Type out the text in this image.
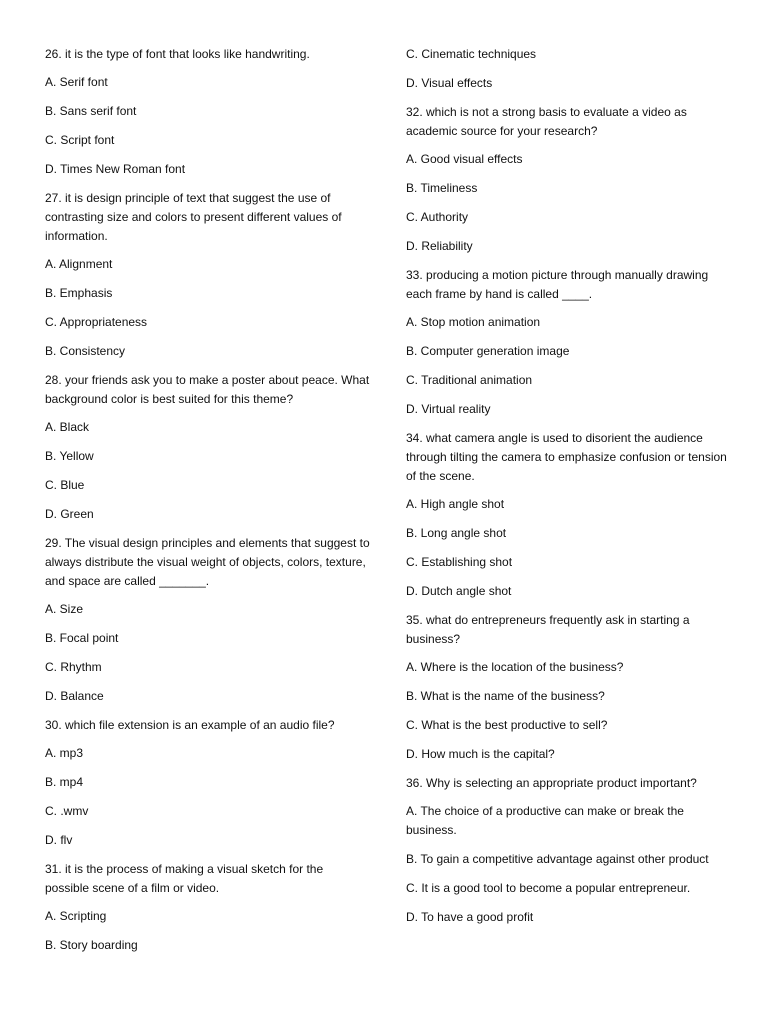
26. it is the type of font that looks like handwriting.

A. Serif font

B. Sans serif font

C. Script font

D. Times New Roman font

27. it is design principle of text that suggest the use of contrasting size and colors to present different values of information.

A. Alignment

B. Emphasis

C. Appropriateness

B. Consistency

28. your friends ask you to make a poster about peace. What background color is best suited for this theme?

A. Black

B. Yellow

C. Blue

D. Green

29. The visual design principles and elements that suggest to always distribute the visual weight of objects, colors, texture, and space are called _______.

A. Size

B. Focal point

C. Rhythm

D. Balance

30. which file extension is an example of an audio file?

A. mp3

B. mp4

C. .wmv

D. flv

31. it is the process of making a visual sketch for the possible scene of a film or video.

A. Scripting

B. Story boarding

C. Cinematic techniques

D. Visual effects

32. which is not a strong basis to evaluate a video as academic source for your research?

A. Good visual effects

B. Timeliness

C. Authority

D. Reliability

33. producing a motion picture through manually drawing each frame by hand is called ____.

A. Stop motion animation

B. Computer generation image

C. Traditional animation

D. Virtual reality

34. what camera angle is used to disorient the audience through tilting the camera to emphasize confusion or tension of the scene.

A. High angle shot

B. Long angle shot

C. Establishing shot

D. Dutch angle shot

35. what do entrepreneurs frequently ask in starting a business?

A. Where is the location of the business?

B. What is the name of the business?

C. What is the best productive to sell?

D. How much is the capital?

36. Why is selecting an appropriate product important?

A. The choice of a productive can make or break the business.

B. To gain a competitive advantage against other product

C. It is a good tool to become a popular entrepreneur.

D. To have a good profit
